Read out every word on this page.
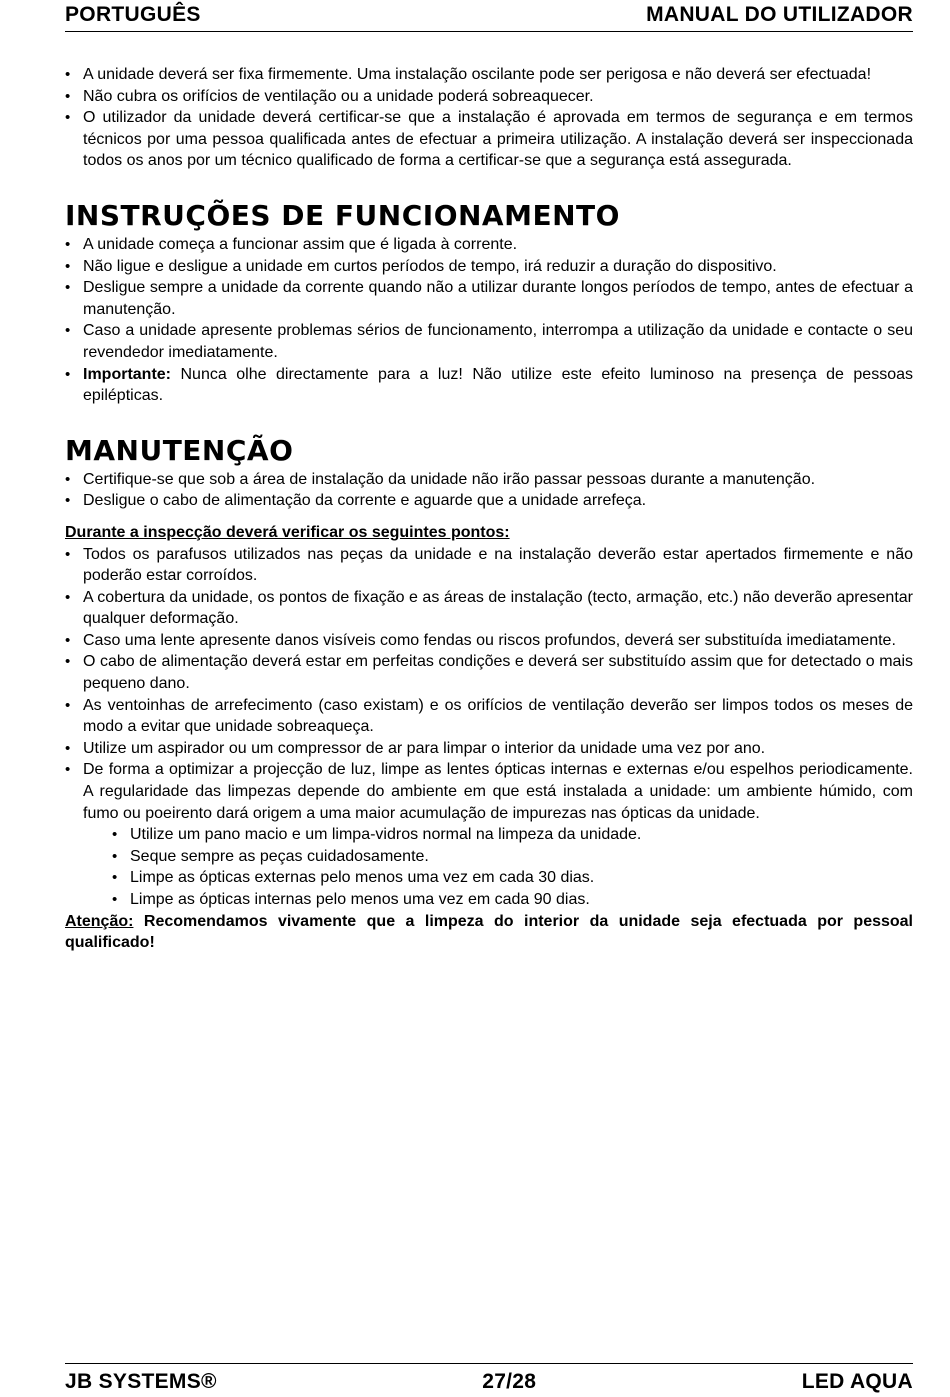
PORTUGUÊS	MANUAL DO UTILIZADOR
• A unidade deverá ser fixa firmemente. Uma instalação oscilante pode ser perigosa e não deverá ser efectuada!
• Não cubra os orifícios de ventilação ou a unidade poderá sobreaquecer.
• O utilizador da unidade deverá certificar-se que a instalação é aprovada em termos de segurança e em termos técnicos por uma pessoa qualificada antes de efectuar a primeira utilização. A instalação deverá ser inspeccionada todos os anos por um técnico qualificado de forma a certificar-se que a segurança está assegurada.
INSTRUÇÕES DE FUNCIONAMENTO
• A unidade começa a funcionar assim que é ligada à corrente.
• Não ligue e desligue a unidade em curtos períodos de tempo, irá reduzir a duração do dispositivo.
• Desligue sempre a unidade da corrente quando não a utilizar durante longos períodos de tempo, antes de efectuar a manutenção.
• Caso a unidade apresente problemas sérios de funcionamento, interrompa a utilização da unidade e contacte o seu revendedor imediatamente.
• Importante: Nunca olhe directamente para a luz! Não utilize este efeito luminoso na presença de pessoas epilépticas.
MANUTENÇÃO
• Certifique-se que sob a área de instalação da unidade não irão passar pessoas durante a manutenção.
• Desligue o cabo de alimentação da corrente e aguarde que a unidade arrefeça.
Durante a inspecção deverá verificar os seguintes pontos:
• Todos os parafusos utilizados nas peças da unidade e na instalação deverão estar apertados firmemente e não poderão estar corroídos.
• A cobertura da unidade, os pontos de fixação e as áreas de instalação (tecto, armação, etc.) não deverão apresentar qualquer deformação.
• Caso uma lente apresente danos visíveis como fendas ou riscos profundos, deverá ser substituída imediatamente.
• O cabo de alimentação deverá estar em perfeitas condições e deverá ser substituído assim que for detectado o mais pequeno dano.
• As ventoinhas de arrefecimento (caso existam) e os orifícios de ventilação deverão ser limpos todos os meses de modo a evitar que unidade sobreaqueça.
• Utilize um aspirador ou um compressor de ar para limpar o interior da unidade uma vez por ano.
• De forma a optimizar a projecção de luz, limpe as lentes ópticas internas e externas e/ou espelhos periodicamente. A regularidade das limpezas depende do ambiente em que está instalada a unidade: um ambiente húmido, com fumo ou poeirento dará origem a uma maior acumulação de impurezas nas ópticas da unidade.
• Utilize um pano macio e um limpa-vidros normal na limpeza da unidade.
• Seque sempre as peças cuidadosamente.
• Limpe as ópticas externas pelo menos uma vez em cada 30 dias.
• Limpe as ópticas internas pelo menos uma vez em cada 90 dias.
Atenção: Recomendamos vivamente que a limpeza do interior da unidade seja efectuada por pessoal qualificado!
JB SYSTEMS®	27/28	LED AQUA
